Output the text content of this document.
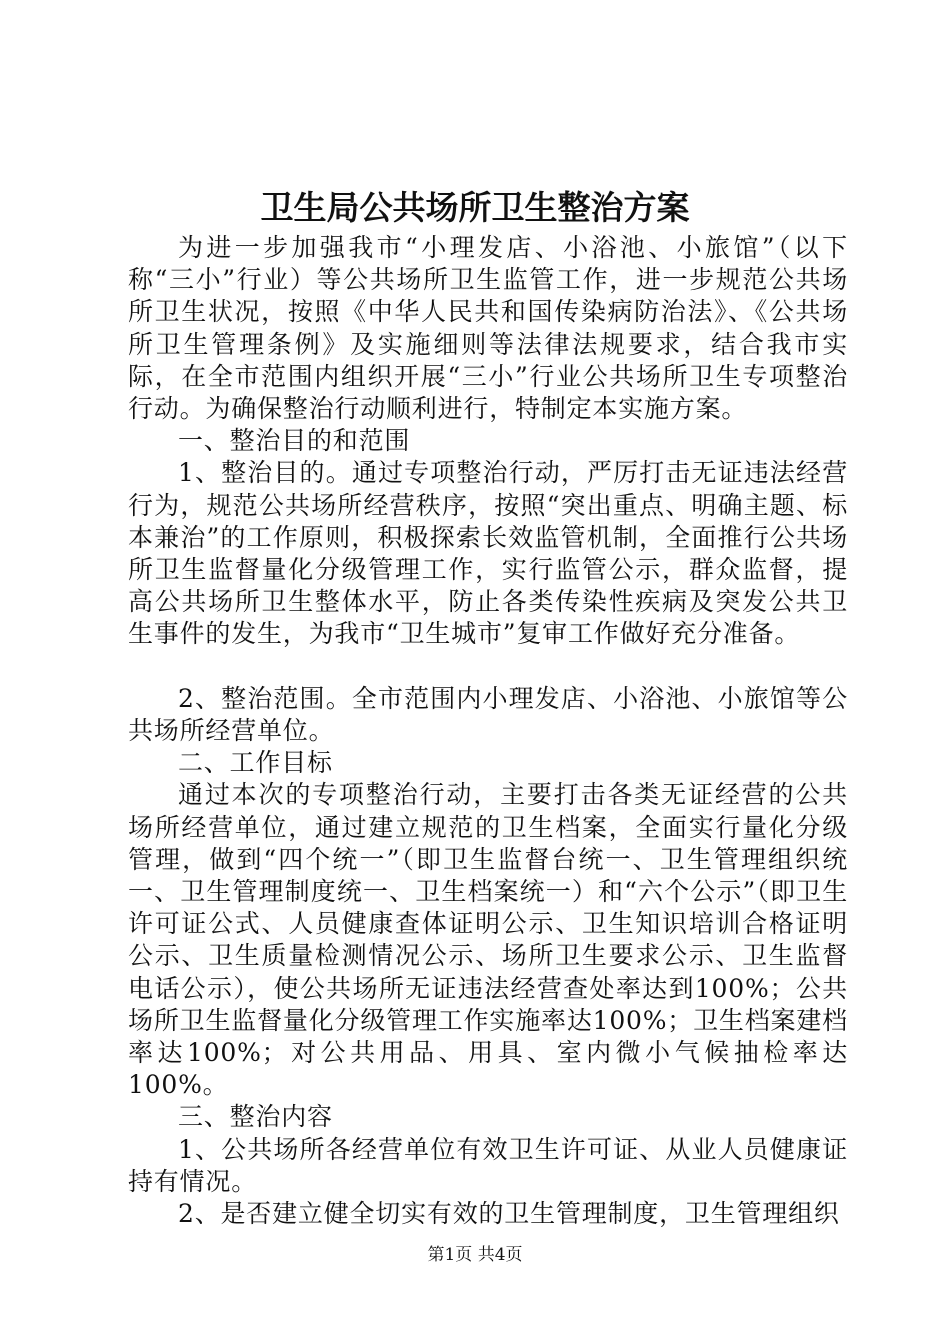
卫生局公共场所卫生整治方案

为进一步加强我市“小理发店、小浴池、小旅馆”（以下称“三小”行业）等公共场所卫生监管工作，进一步规范公共场所卫生状况，按照《中华人民共和国传染病防治法》、《公共场所卫生管理条例》及实施细则等法律法规要求，结合我市实际，在全市范围内组织开展“三小”行业公共场所卫生专项整治行动。为确保整治行动顺利进行，特制定本实施方案。

一、整治目的和范围

1、整治目的。通过专项整治行动，严厉打击无证违法经营行为，规范公共场所经营秩序，按照“突出重点、明确主题、标本兼治”的工作原则，积极探索长效监管机制，全面推行公共场所卫生监督量化分级管理工作，实行监管公示，群众监督，提高公共场所卫生整体水平，防止各类传染性疾病及突发公共卫生事件的发生，为我市“卫生城市”复审工作做好充分准备。

2、整治范围。全市范围内小理发店、小浴池、小旅馆等公共场所经营单位。

二、工作目标

通过本次的专项整治行动，主要打击各类无证经营的公共场所经营单位，通过建立规范的卫生档案，全面实行量化分级管理，做到“四个统一”（即卫生监督台统一、卫生管理组织统一、卫生管理制度统一、卫生档案统一）和“六个公示”（即卫生许可证公式、人员健康查体证明公示、卫生知识培训合格证明公示、卫生质量检测情况公示、场所卫生要求公示、卫生监督电话公示），使公共场所无证违法经营查处率达到100%；公共场所卫生监督量化分级管理工作实施率达100%；卫生档案建档率达100%；对公共用品、用具、室内微小气候抽检率达100%。

三、整治内容

1、公共场所各经营单位有效卫生许可证、从业人员健康证持有情况。

2、是否建立健全切实有效的卫生管理制度，卫生管理组织

第1页 共4页
